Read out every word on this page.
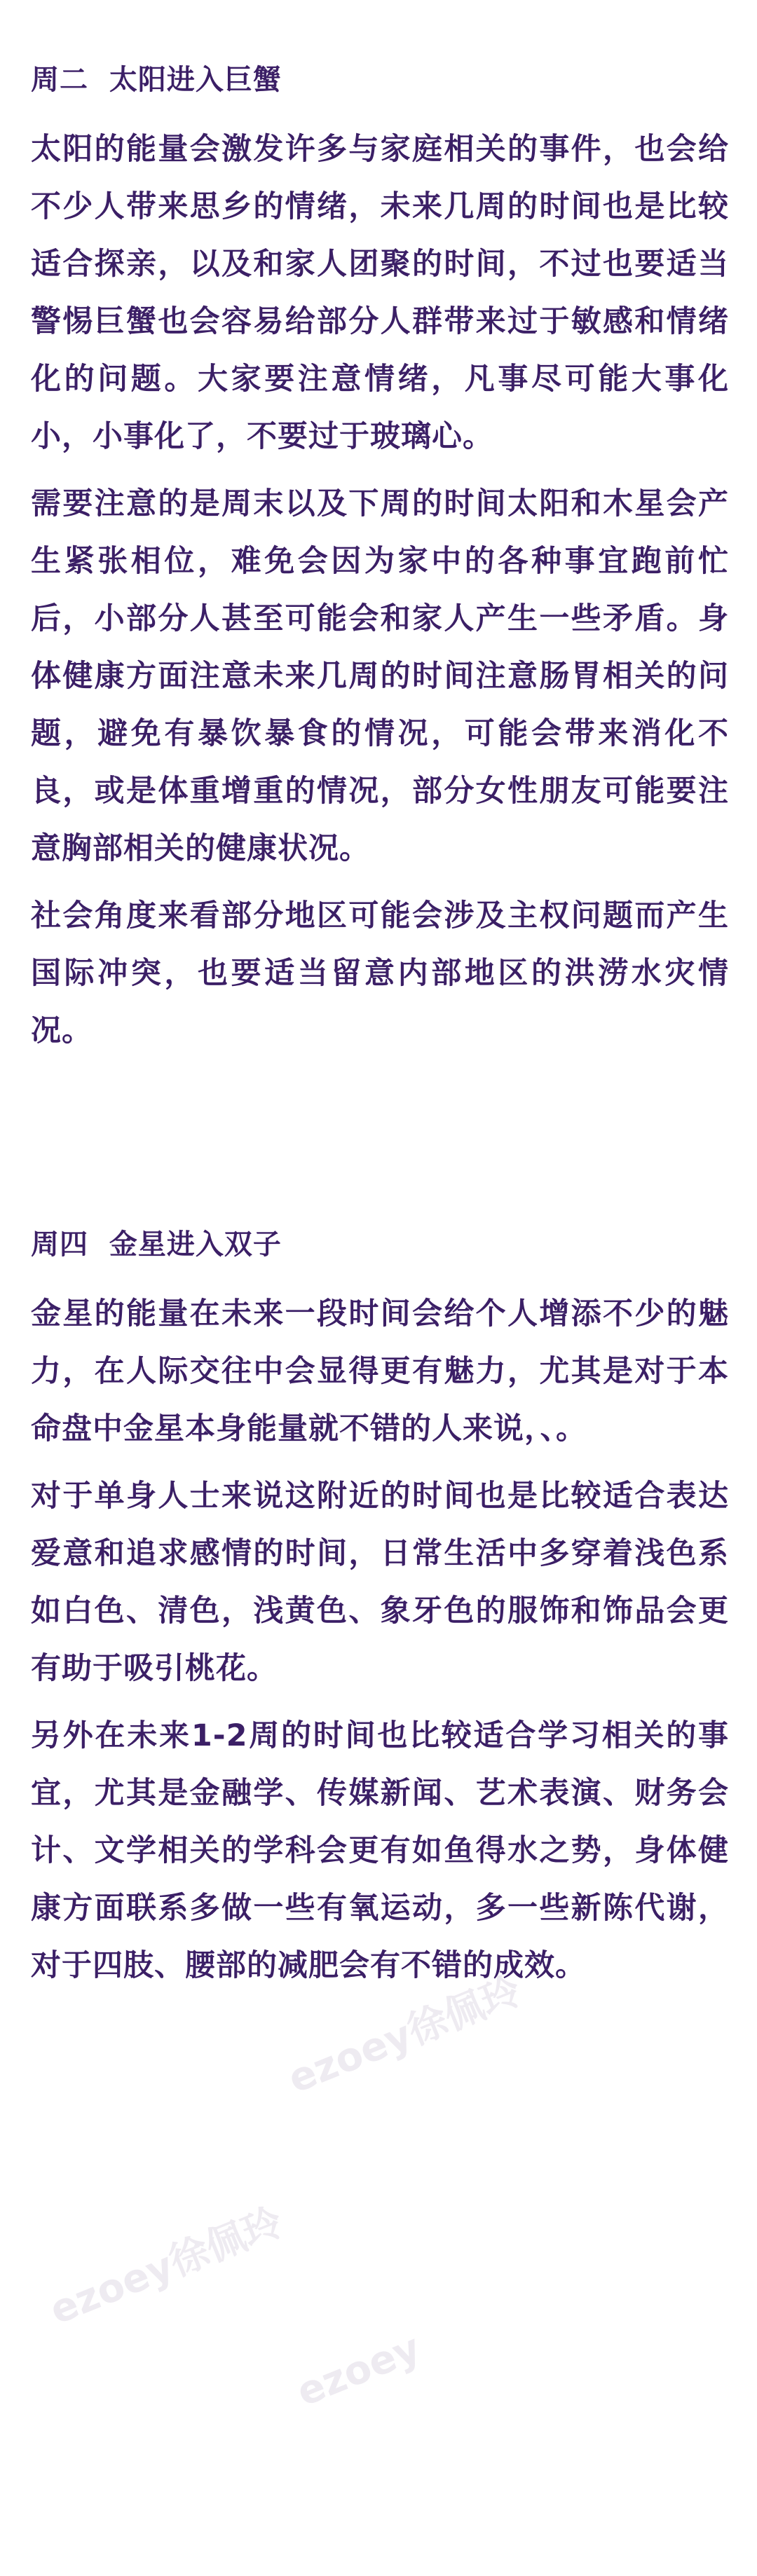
周二  太阳进入巨蟹

太阳的能量会激发许多与家庭相关的事件，也会给不少人带来思乡的情绪，未来几周的时间也是比较适合探亲，以及和家人团聚的时间，不过也要适当警惕巨蟹也会容易给部分人群带来过于敏感和情绪化的问题。大家要注意情绪，凡事尽可能大事化小，小事化了，不要过于玻璃心。

需要注意的是周末以及下周的时间太阳和木星会产生紧张相位，难免会因为家中的各种事宜跑前忙后，小部分人甚至可能会和家人产生一些矛盾。身体健康方面注意未来几周的时间注意肠胃相关的问题，避免有暴饮暴食的情况，可能会带来消化不良，或是体重增重的情况，部分女性朋友可能要注意胸部相关的健康状况。

社会角度来看部分地区可能会涉及主权问题而产生国际冲突，也要适当留意内部地区的洪涝水灾情况。

周四  金星进入双子

金星的能量在未来一段时间会给个人增添不少的魅力，在人际交往中会显得更有魅力，尤其是对于本命盘中金星本身能量就不错的人来说，、。

对于单身人士来说这附近的时间也是比较适合表达爱意和追求感情的时间，日常生活中多穿着浅色系如白色、清色，浅黄色、象牙色的服饰和饰品会更有助于吸引桃花。

另外在未来1-2周的时间也比较适合学习相关的事宜，尤其是金融学、传媒新闻、艺术表演、财务会计、文学相关的学科会更有如鱼得水之势，身体健康方面联系多做一些有氧运动，多一些新陈代谢，对于四肢、腰部的减肥会有不错的成效。

ezoey徐佩玲
ezoey徐佩玲
ezoey
